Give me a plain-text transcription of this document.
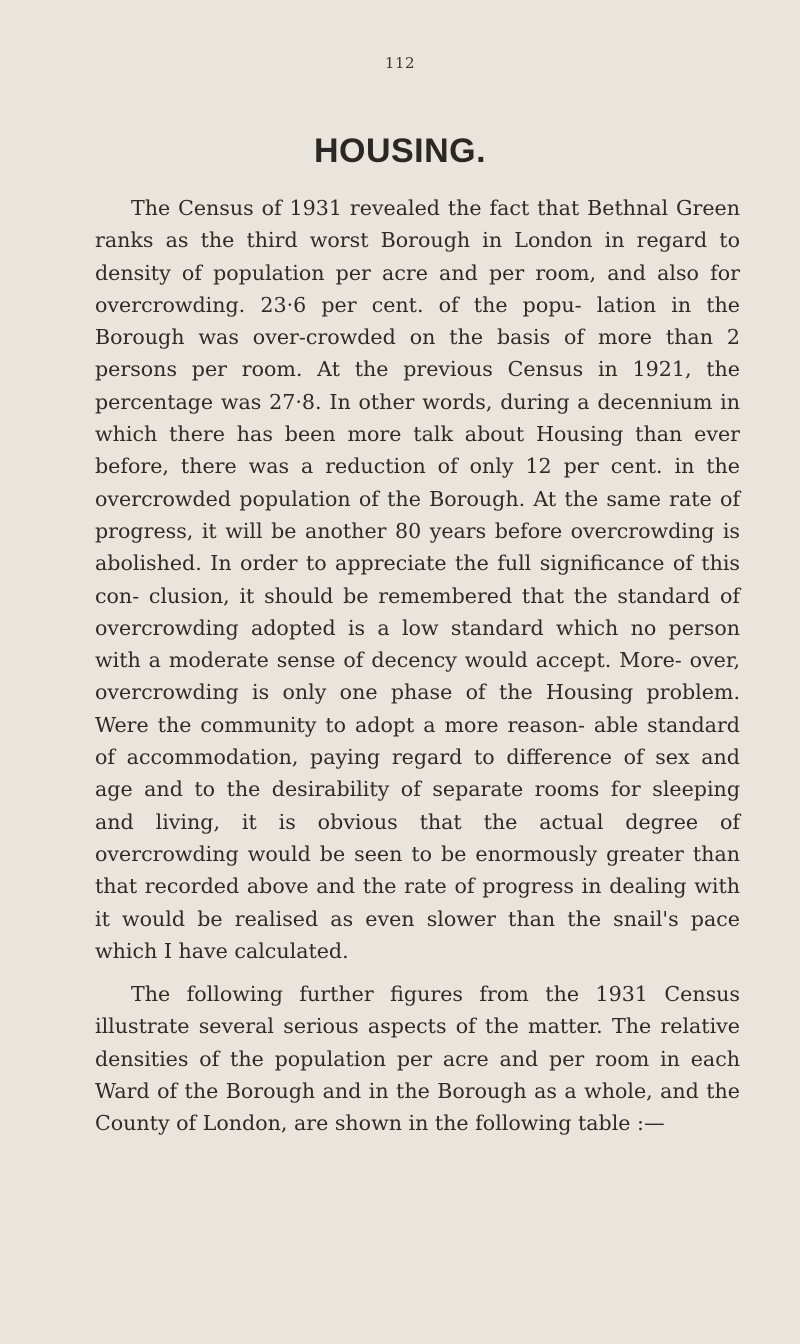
112
HOUSING.

The Census of 1931 revealed the fact that Bethnal Green ranks as the third worst Borough in London in regard to density of population per acre and per room, and also for overcrowding. 23·6 per cent. of the popu- lation in the Borough was over-crowded on the basis of more than 2 persons per room. At the previous Census in 1921, the percentage was 27·8. In other words, during a decennium in which there has been more talk about Housing than ever before, there was a reduction of only 12 per cent. in the overcrowded population of the Borough. At the same rate of progress, it will be another 80 years before overcrowding is abolished. In order to appreciate the full significance of this con- clusion, it should be remembered that the standard of overcrowding adopted is a low standard which no person with a moderate sense of decency would accept. More- over, overcrowding is only one phase of the Housing problem. Were the community to adopt a more reason- able standard of accommodation, paying regard to difference of sex and age and to the desirability of separate rooms for sleeping and living, it is obvious that the actual degree of overcrowding would be seen to be enormously greater than that recorded above and the rate of progress in dealing with it would be realised as even slower than the snail's pace which I have calculated.

The following further figures from the 1931 Census illustrate several serious aspects of the matter. The relative densities of the population per acre and per room in each Ward of the Borough and in the Borough as a whole, and the County of London, are shown in the following table :—
